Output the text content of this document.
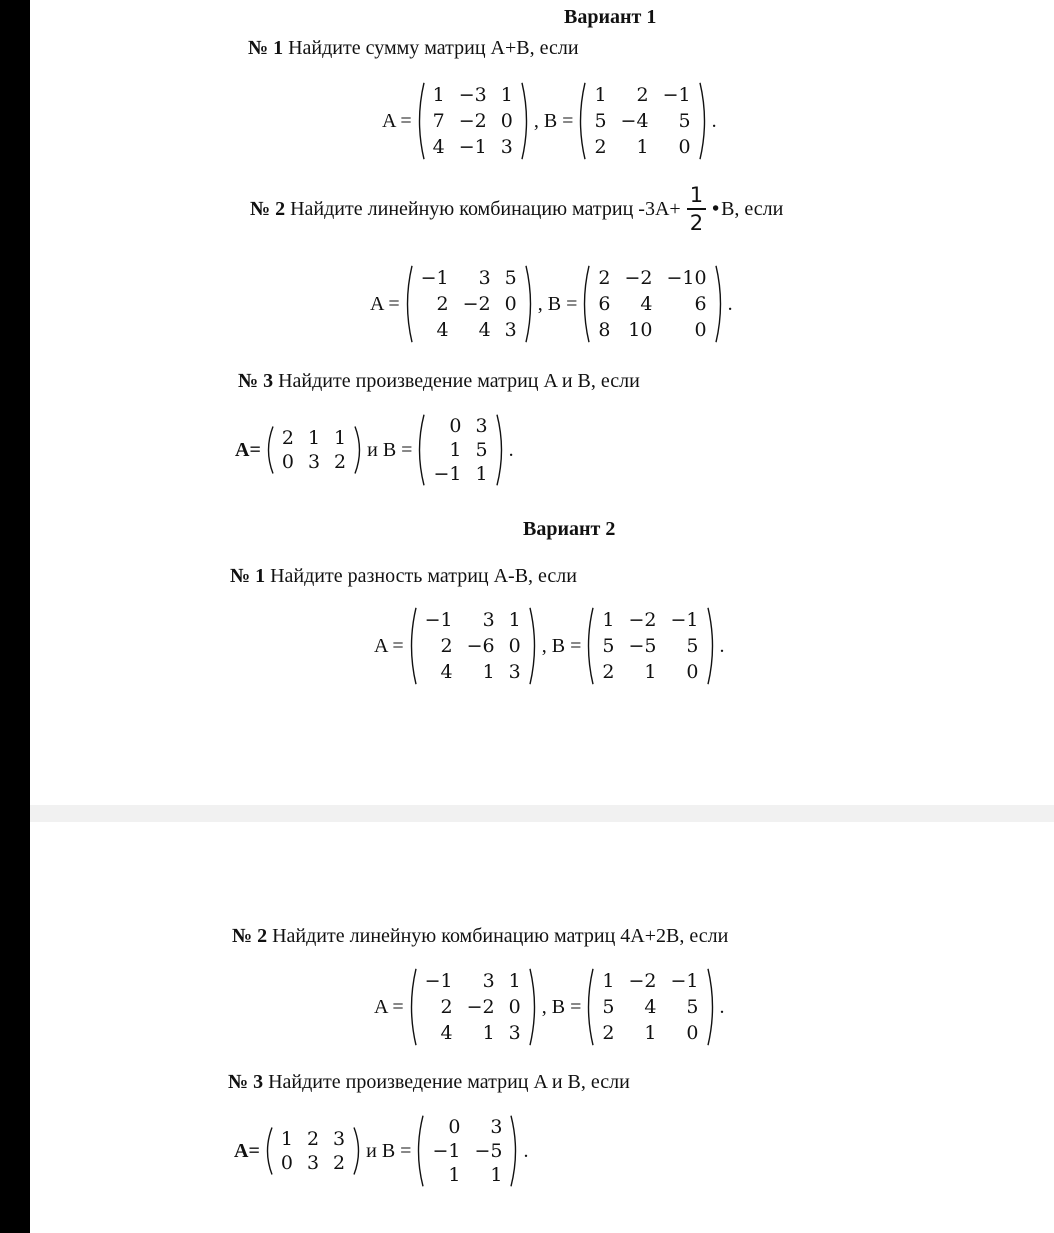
Вариант 1
№ 1 Найдите сумму матриц A+B, если
A =
1	−3	1
7	−2	0
4	−1	3
, B =
1	2	−1
5	−4	5
2	1	0
.
№ 2
Найдите линейную комбинацию матриц $-3A+ \frac{1}{2}$ • B, если
A =
−1	3	5
2	−2	0
4	4	3
, B =
2	−2	−10
6	4	6
8	10	0
.
№ 3 Найдите произведение матриц A и B, если
A=
2	1	1
0	3	2
и B =
0	3
1	5
−1	1
.
Вариант 2
№ 1 Найдите разность матриц A-B, если
A =
−1	3	1
2	−6	0
4	1	3
, B =
1	−2	−1
5	−5	5
2	1	0
.
№ 2 Найдите линейную комбинацию матриц 4A+2B, если
A =
−1	3	1
2	−2	0
4	1	3
, B =
1	−2	−1
5	4	5
2	1	0
.
№ 3 Найдите произведение матриц A и B, если
A=
1	2	3
0	3	2
и B =
0	3
−1	−5
1	1
.
